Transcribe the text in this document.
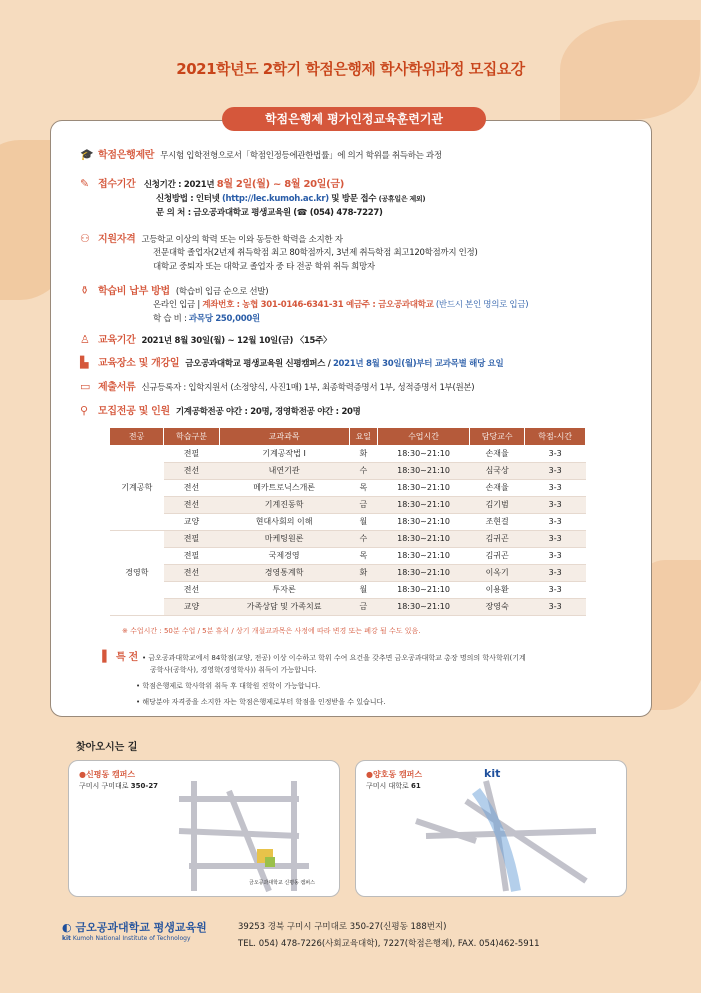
2021학년도 2학기 학점은행제 학사학위과정 모집요강
학점은행제 평가인정교육훈련기관
🎓 학점은행제란 무시험 입학전형으로서「학점인정등에관한법률」에 의거 학위를 취득하는 과정
✎ 접수기간 신청기간 : 2021년 8월 2일(월) ~ 8월 20일(금)
신청방법 : 인터넷 (http://lec.kumoh.ac.kr) 및 방문 접수 (공휴일은 제외)
문 의 처 : 금오공과대학교 평생교육원 (☎ (054) 478-7227)
⚇ 지원자격 고등학교 이상의 학력 또는 이와 동등한 학력을 소지한 자
전문대학 졸업자(2년제 취득학점 최고 80학점까지, 3년제 취득학점 최고120학점까지 인정)
대학교 중퇴자 또는 대학교 졸업자 중 타 전공 학위 취득 희망자
⚱ 학습비 납부 방법 (학습비 입금 순으로 선발)
온라인 입금 | 계좌번호 : 농협 301-0146-6341-31 예금주 : 금오공과대학교 (반드시 본인 명의로 입금)
학 습 비 : 과목당 250,000원
♙ 교육기간 2021년 8월 30일(월) ~ 12월 10일(금) 〈15주〉
▙ 교육장소 및 개강일 금오공과대학교 평생교육원 신평캠퍼스 / 2021년 8월 30일(월)부터 교과목별 해당 요일
▭ 제출서류 신규등록자 : 입학지원서 (소정양식, 사진1매) 1부, 최종학력증명서 1부, 성적증명서 1부(원본)
⚲ 모집전공 및 인원 기계공학전공 야간 : 20명, 경영학전공 야간 : 20명
전공	학습구분	교과과목	요일	수업시간	담당교수	학점-시간
기계공학	전필	기계공작법 I	화	18:30~21:10	손재율	3-3
	전선	내연기관	수	18:30~21:10	심국상	3-3
	전선	메카트로닉스개론	목	18:30~21:10	손재율	3-3
	전선	기계진동학	금	18:30~21:10	김기범	3-3
	교양	현대사회의 이해	월	18:30~21:10	조현걸	3-3
경영학	전필	마케팅원론	수	18:30~21:10	김귀곤	3-3
	전필	국제경영	목	18:30~21:10	김귀곤	3-3
	전선	경영통계학	화	18:30~21:10	이옥기	3-3
	전선	투자론	월	18:30~21:10	이용환	3-3
	교양	가족상담 및 가족치료	금	18:30~21:10	장영숙	3-3
※ 수업시간 : 50분 수업 / 5분 휴식 / 상기 개설교과목은 사정에 따라 변경 또는 폐강 될 수도 있음.
▐ 특 전 • 금오공과대학교에서 84학점(교양, 전공) 이상 이수하고 학위 수여 요건을 갖추면 금오공과대학교 총장 명의의 학사학위(기계
공학사(공학사), 경영학(경영학사)) 취득이 가능합니다.
• 학점은행제로 학사학위 취득 후 대학원 진학이 가능합니다.
• 해당분야 자격증을 소지한 자는 학점은행제로부터 학점을 인정받을 수 있습니다.
찾아오시는 길
●신평동 캠퍼스
구미시 구미대로 350-27
금오공과대학교 신평동 캠퍼스
●양호동 캠퍼스
구미시 대학로 61
kit
◐ 금오공과대학교 평생교육원
kit Kumoh National Institute of Technology
39253 경북 구미시 구미대로 350-27(신평동 188번지)
TEL. 054) 478-7226(사회교육대학), 7227(학점은행제), FAX. 054)462-5911
